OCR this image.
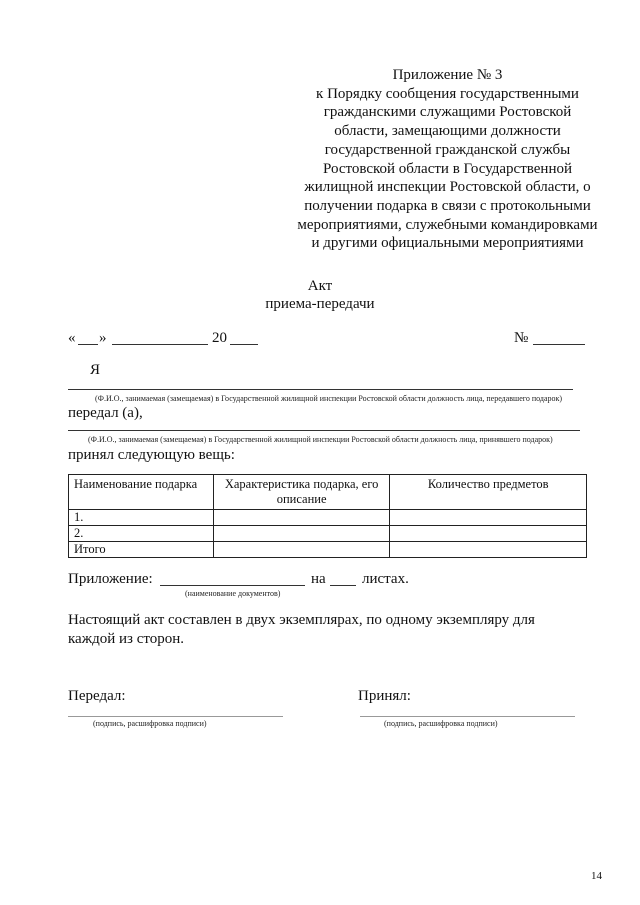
Приложение № 3
к Порядку сообщения государственными
гражданскими служащими Ростовской
области, замещающими должности
государственной гражданской службы
Ростовской области в Государственной
жилищной инспекции Ростовской области, о
получении подарка в связи с протокольными
мероприятиями, служебными командировками
и другими официальными мероприятиями
Акт
приема-передачи
« »	20	№
Я
(Ф.И.О., занимаемая (замещаемая) в Государственной жилищной инспекции Ростовской области должность лица, передавшего подарок)
передал (а),
(Ф.И.О., занимаемая (замещаемая) в Государственной жилищной инспекции Ростовской области должность лица, принявшего подарок)
принял следующую вещь:
Наименование подарка	Характеристика подарка, его описание	Количество предметов
1.		
2.		
Итого		
Приложение:	на листах.
(наименование документов)
Настоящий акт составлен в двух экземплярах, по одному экземпляру для
каждой из сторон.
Передал:	Принял:
(подпись, расшифровка подписи)	(подпись, расшифровка подписи)
14
